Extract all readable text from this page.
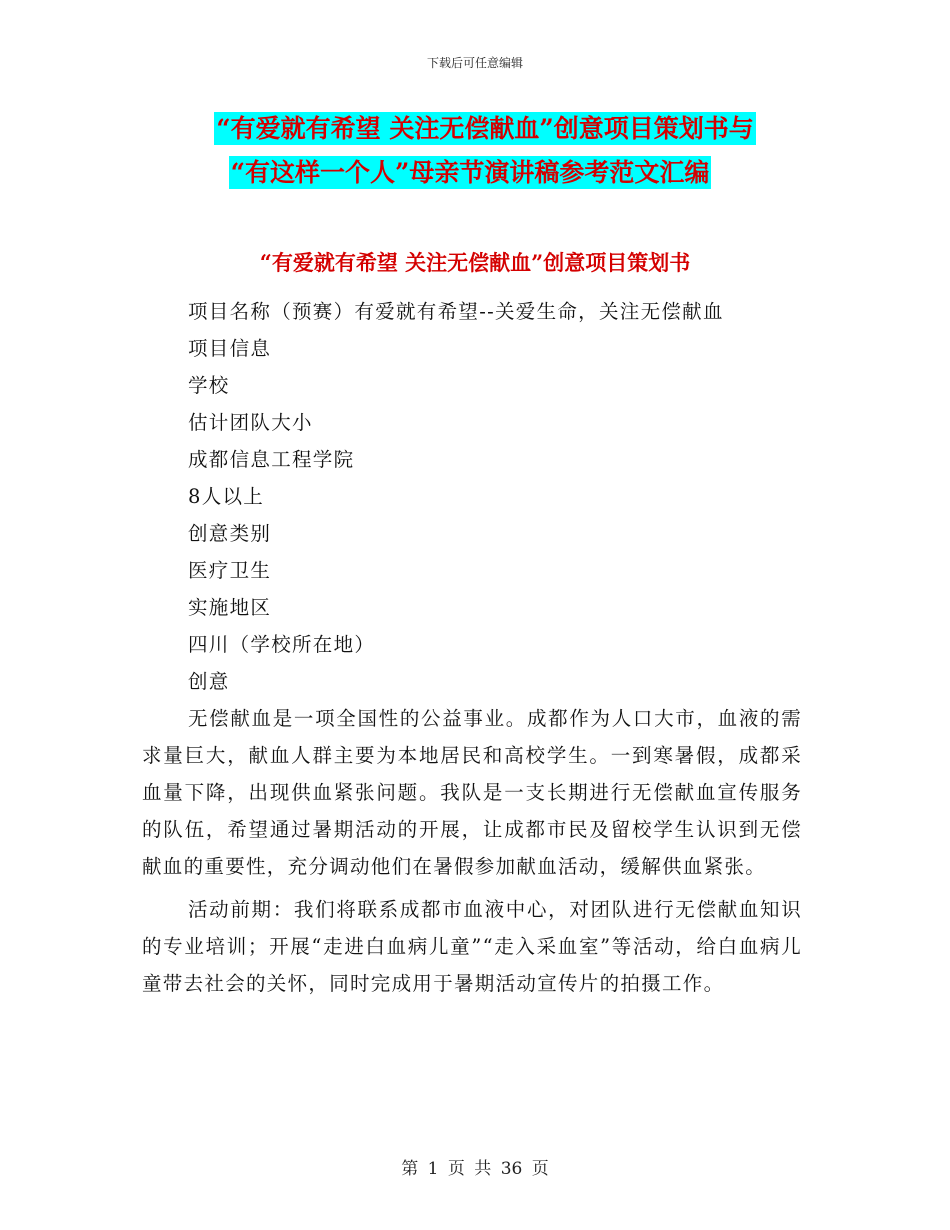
下载后可任意编辑
“有爱就有希望 关注无偿献血”创意项目策划书与
“有这样一个人”母亲节演讲稿参考范文汇编
“有爱就有希望 关注无偿献血”创意项目策划书
项目名称（预赛）有爱就有希望--关爱生命，关注无偿献血
项目信息
学校
估计团队大小
成都信息工程学院
8人以上
创意类别
医疗卫生
实施地区
四川（学校所在地）
创意
无偿献血是一项全国性的公益事业。成都作为人口大市，血液的需求量巨大，献血人群主要为本地居民和高校学生。一到寒暑假，成都采血量下降，出现供血紧张问题。我队是一支长期进行无偿献血宣传服务的队伍，希望通过暑期活动的开展，让成都市民及留校学生认识到无偿献血的重要性，充分调动他们在暑假参加献血活动，缓解供血紧张。
活动前期：我们将联系成都市血液中心，对团队进行无偿献血知识的专业培训；开展“走进白血病儿童”“走入采血室”等活动，给白血病儿童带去社会的关怀，同时完成用于暑期活动宣传片的拍摄工作。
第 1 页 共 36 页
